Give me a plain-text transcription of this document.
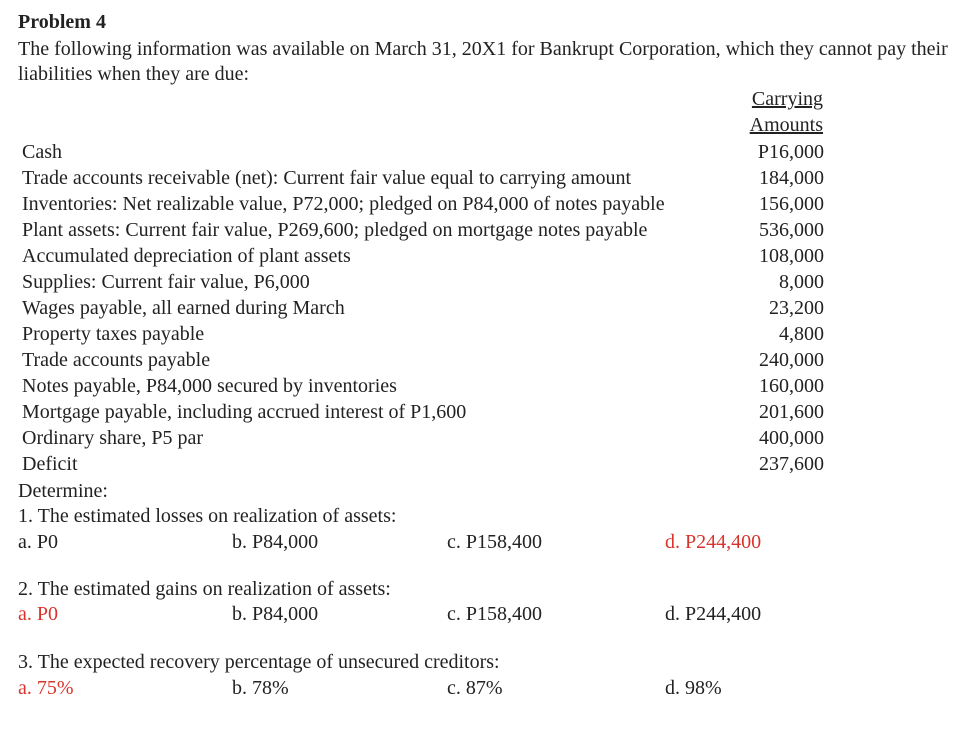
Problem 4
The following information was available on March 31, 20X1 for Bankrupt Corporation, which they cannot pay their liabilities when they are due:
Carrying
Amounts
Cash	P16,000
Trade accounts receivable (net): Current fair value equal to carrying amount	184,000
Inventories: Net realizable value, P72,000; pledged on P84,000 of notes payable	156,000
Plant assets: Current fair value, P269,600; pledged on mortgage notes payable	536,000
Accumulated depreciation of plant assets	108,000
Supplies: Current fair value, P6,000	8,000
Wages payable, all earned during March	23,200
Property taxes payable	4,800
Trade accounts payable	240,000
Notes payable, P84,000 secured by inventories	160,000
Mortgage payable, including accrued interest of P1,600	201,600
Ordinary share, P5 par	400,000
Deficit	237,600
Determine:
1. The estimated losses on realization of assets:
a. P0	b. P84,000	c. P158,400	d. P244,400
2. The estimated gains on realization of assets:
a. P0	b. P84,000	c. P158,400	d. P244,400
3. The expected recovery percentage of unsecured creditors:
a. 75%	b. 78%	c. 87%	d. 98%
